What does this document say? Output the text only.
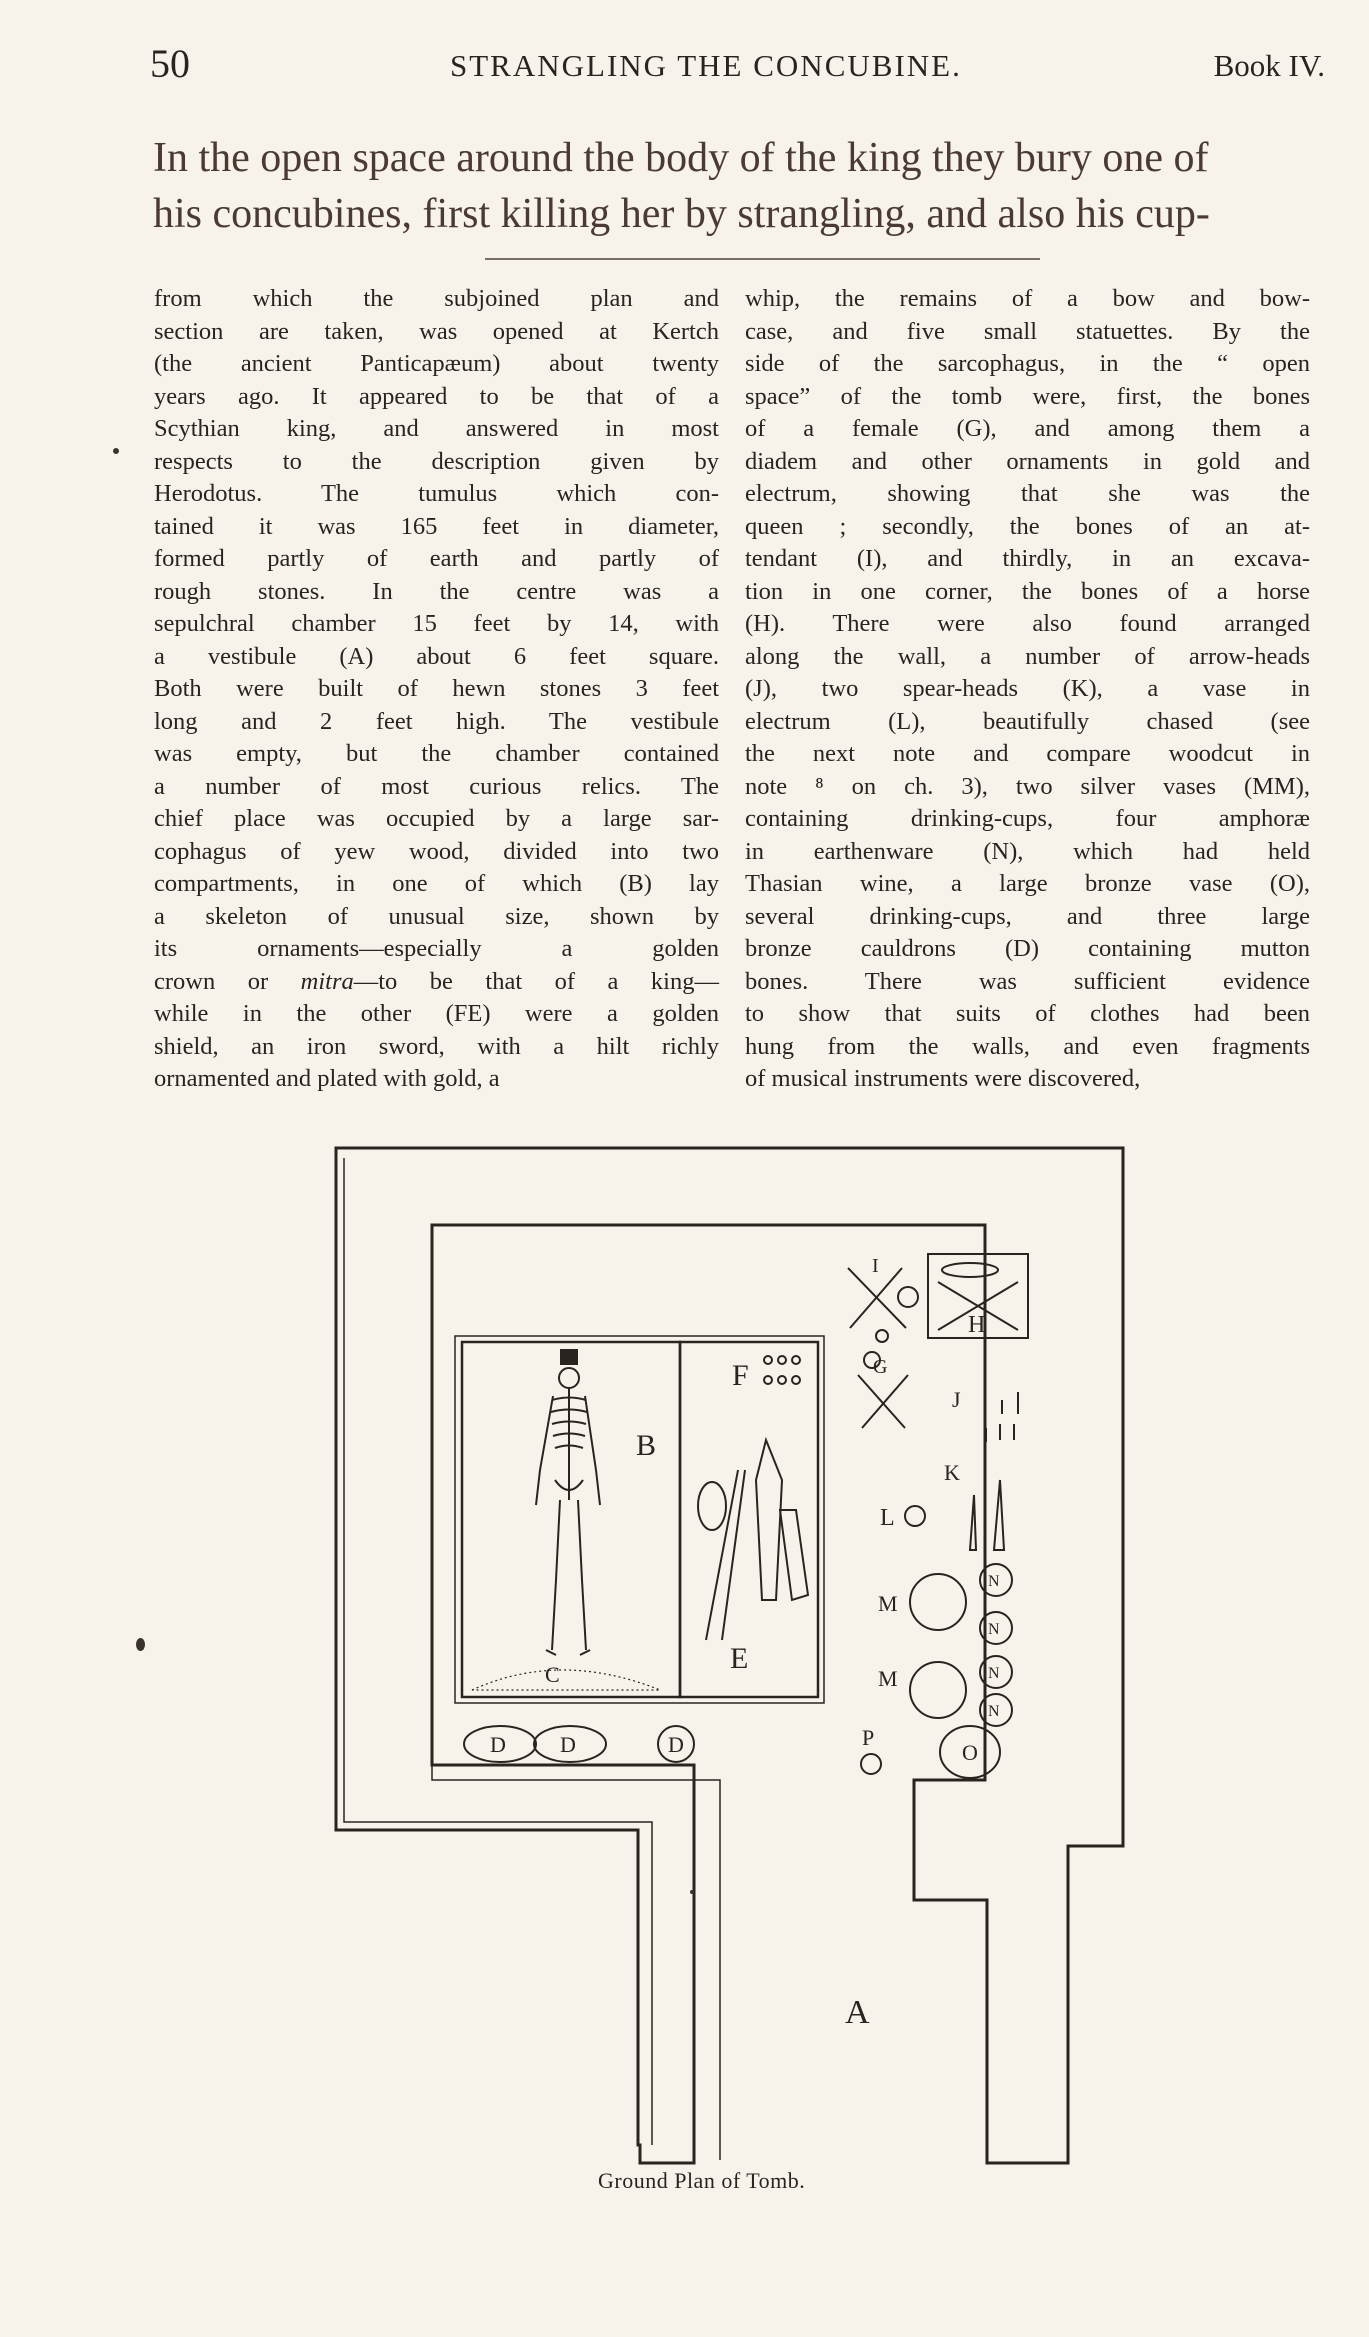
50	STRANGLING THE CONCUBINE.	Book IV.
In the open space around the body of the king they bury one of
his concubines, first killing her by strangling, and also his cup-
from which the subjoined plan and
section are taken, was opened at Kertch
(the ancient Panticapæum) about twenty
years ago. It appeared to be that of a
Scythian king, and answered in most
respects to the description given by
Herodotus. The tumulus which con-
tained it was 165 feet in diameter,
formed partly of earth and partly of
rough stones. In the centre was a
sepulchral chamber 15 feet by 14, with
a vestibule (A) about 6 feet square.
Both were built of hewn stones 3 feet
long and 2 feet high. The vestibule
was empty, but the chamber contained
a number of most curious relics. The
chief place was occupied by a large sar-
cophagus of yew wood, divided into two
compartments, in one of which (B) lay
a skeleton of unusual size, shown by
its ornaments—especially a golden
crown or mitra—to be that of a king—
while in the other (FE) were a golden
shield, an iron sword, with a hilt richly
ornamented and plated with gold, a
whip, the remains of a bow and bow-
case, and five small statuettes. By the
side of the sarcophagus, in the “ open
space” of the tomb were, first, the bones
of a female (G), and among them a
diadem and other ornaments in gold and
electrum, showing that she was the
queen ; secondly, the bones of an at-
tendant (I), and thirdly, in an excava-
tion in one corner, the bones of a horse
(H). There were also found arranged
along the wall, a number of arrow-heads
(J), two spear-heads (K), a vase in
electrum (L), beautifully chased (see
the next note and compare woodcut in
note ⁸ on ch. 3), two silver vases (MM),
containing drinking-cups, four amphoræ
in earthenware (N), which had held
Thasian wine, a large bronze vase (O),
several drinking-cups, and three large
bronze cauldrons (D) containing mutton
bones. There was sufficient evidence
to show that suits of clothes had been
hung from the walls, and even fragments
of musical instruments were discovered,
B
C
D D	D
E
F	G
H
I
J
K
L
M
M
N
N
N
N
O
P
A
Ground Plan of Tomb.
